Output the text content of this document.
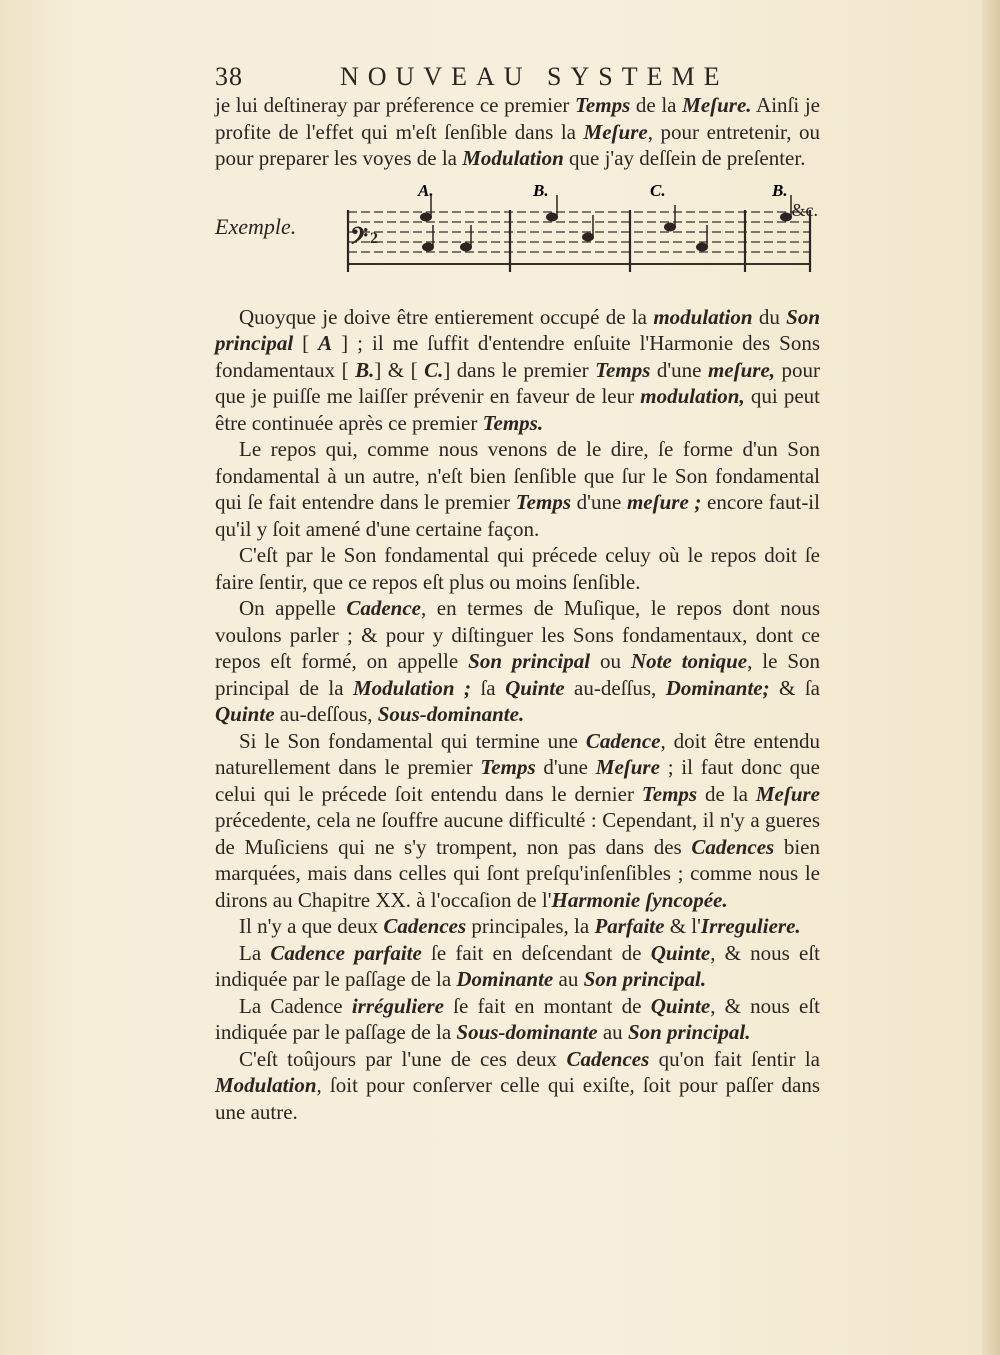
38	NOUVEAU SYSTEME

je lui deſtineray par préference ce premier Temps de la Meſure. Ainſi je profite de l'effet qui m'eſt ſenſible dans la Meſure, pour entretenir, ou pour preparer les voyes de la Modulation que j'ay deſſein de preſenter.

Exemple.
A.	B.	C.	B.
𝄢 2
&c.

Quoyque je doive être entierement occupé de la modulation du Son principal [ A ] ; il me ſuffit d'entendre enſuite l'Harmonie des Sons fondamentaux [ B.] & [ C.] dans le premier Temps d'une meſure, pour que je puiſſe me laiſſer prévenir en faveur de leur modulation, qui peut être continuée après ce premier Temps.

Le repos qui, comme nous venons de le dire, ſe forme d'un Son fondamental à un autre, n'eſt bien ſenſible que ſur le Son fondamental qui ſe fait entendre dans le premier Temps d'une meſure ; encore faut-il qu'il y ſoit amené d'une certaine façon.

C'eſt par le Son fondamental qui précede celuy où le repos doit ſe faire ſentir, que ce repos eſt plus ou moins ſenſible.

On appelle Cadence, en termes de Muſique, le repos dont nous voulons parler ; & pour y diſtinguer les Sons fondamentaux, dont ce repos eſt formé, on appelle Son principal ou Note tonique, le Son principal de la Modulation ; ſa Quinte au-deſſus, Dominante; & ſa Quinte au-deſſous, Sous-dominante.

Si le Son fondamental qui termine une Cadence, doit être entendu naturellement dans le premier Temps d'une Meſure ; il faut donc que celui qui le précede ſoit entendu dans le dernier Temps de la Meſure précedente, cela ne ſouffre aucune difficulté : Cependant, il n'y a gueres de Muſiciens qui ne s'y trompent, non pas dans des Cadences bien marquées, mais dans celles qui ſont preſqu'inſenſibles ; comme nous le dirons au Chapitre XX. à l'occaſion de l'Harmonie ſyncopée.

Il n'y a que deux Cadences principales, la Parfaite & l'Irreguliere.

La Cadence parfaite ſe fait en deſcendant de Quinte, & nous eſt indiquée par le paſſage de la Dominante au Son principal.

La Cadence irréguliere ſe fait en montant de Quinte, & nous eſt indiquée par le paſſage de la Sous-dominante au Son principal.

C'eſt toûjours par l'une de ces deux Cadences qu'on fait ſentir la Modulation, ſoit pour conſerver celle qui exiſte, ſoit pour paſſer dans une autre.
